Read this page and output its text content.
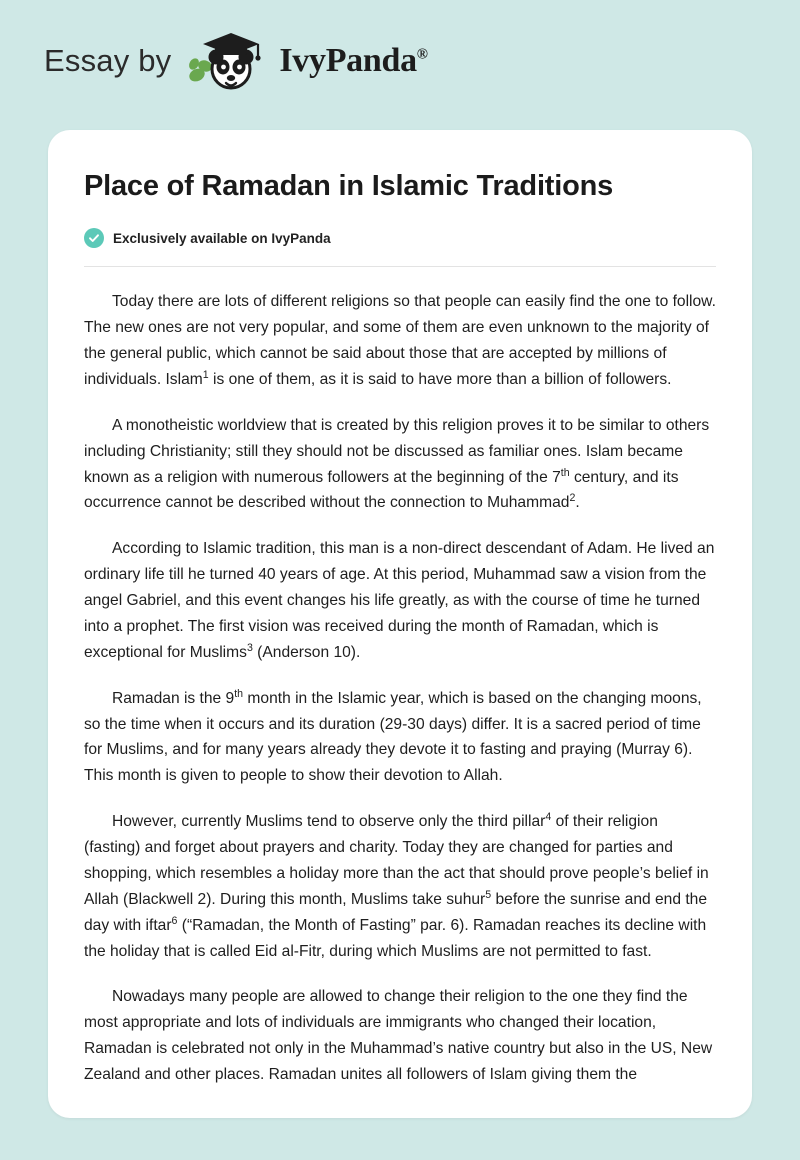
Essay by	IvyPanda®
Place of Ramadan in Islamic Traditions
Exclusively available on IvyPanda

Today there are lots of different religions so that people can easily find the one to follow. The new ones are not very popular, and some of them are even unknown to the majority of the general public, which cannot be said about those that are accepted by millions of individuals. Islam$^1$ is one of them, as it is said to have more than a billion of followers.

A monotheistic worldview that is created by this religion proves it to be similar to others including Christianity; still they should not be discussed as familiar ones. Islam became known as a religion with numerous followers at the beginning of the 7th century, and its occurrence cannot be described without the connection to Muhammad$^2$.

According to Islamic tradition, this man is a non-direct descendant of Adam. He lived an ordinary life till he turned 40 years of age. At this period, Muhammad saw a vision from the angel Gabriel, and this event changes his life greatly, as with the course of time he turned into a prophet. The first vision was received during the month of Ramadan, which is exceptional for Muslims$^3$ (Anderson 10).

Ramadan is the 9th month in the Islamic year, which is based on the changing moons, so the time when it occurs and its duration (29-30 days) differ. It is a sacred period of time for Muslims, and for many years already they devote it to fasting and praying (Murray 6). This month is given to people to show their devotion to Allah.

However, currently Muslims tend to observe only the third pillar$^4$ of their religion (fasting) and forget about prayers and charity. Today they are changed for parties and shopping, which resembles a holiday more than the act that should prove people’s belief in Allah (Blackwell 2). During this month, Muslims take suhur$^5$ before the sunrise and end the day with iftar$^6$ (“Ramadan, the Month of Fasting” par. 6). Ramadan reaches its decline with the holiday that is called Eid al-Fitr, during which Muslims are not permitted to fast.

Nowadays many people are allowed to change their religion to the one they find the most appropriate and lots of individuals are immigrants who changed their location, Ramadan is celebrated not only in the Muhammad’s native country but also in the US, New Zealand and other places. Ramadan unites all followers of Islam giving them the
